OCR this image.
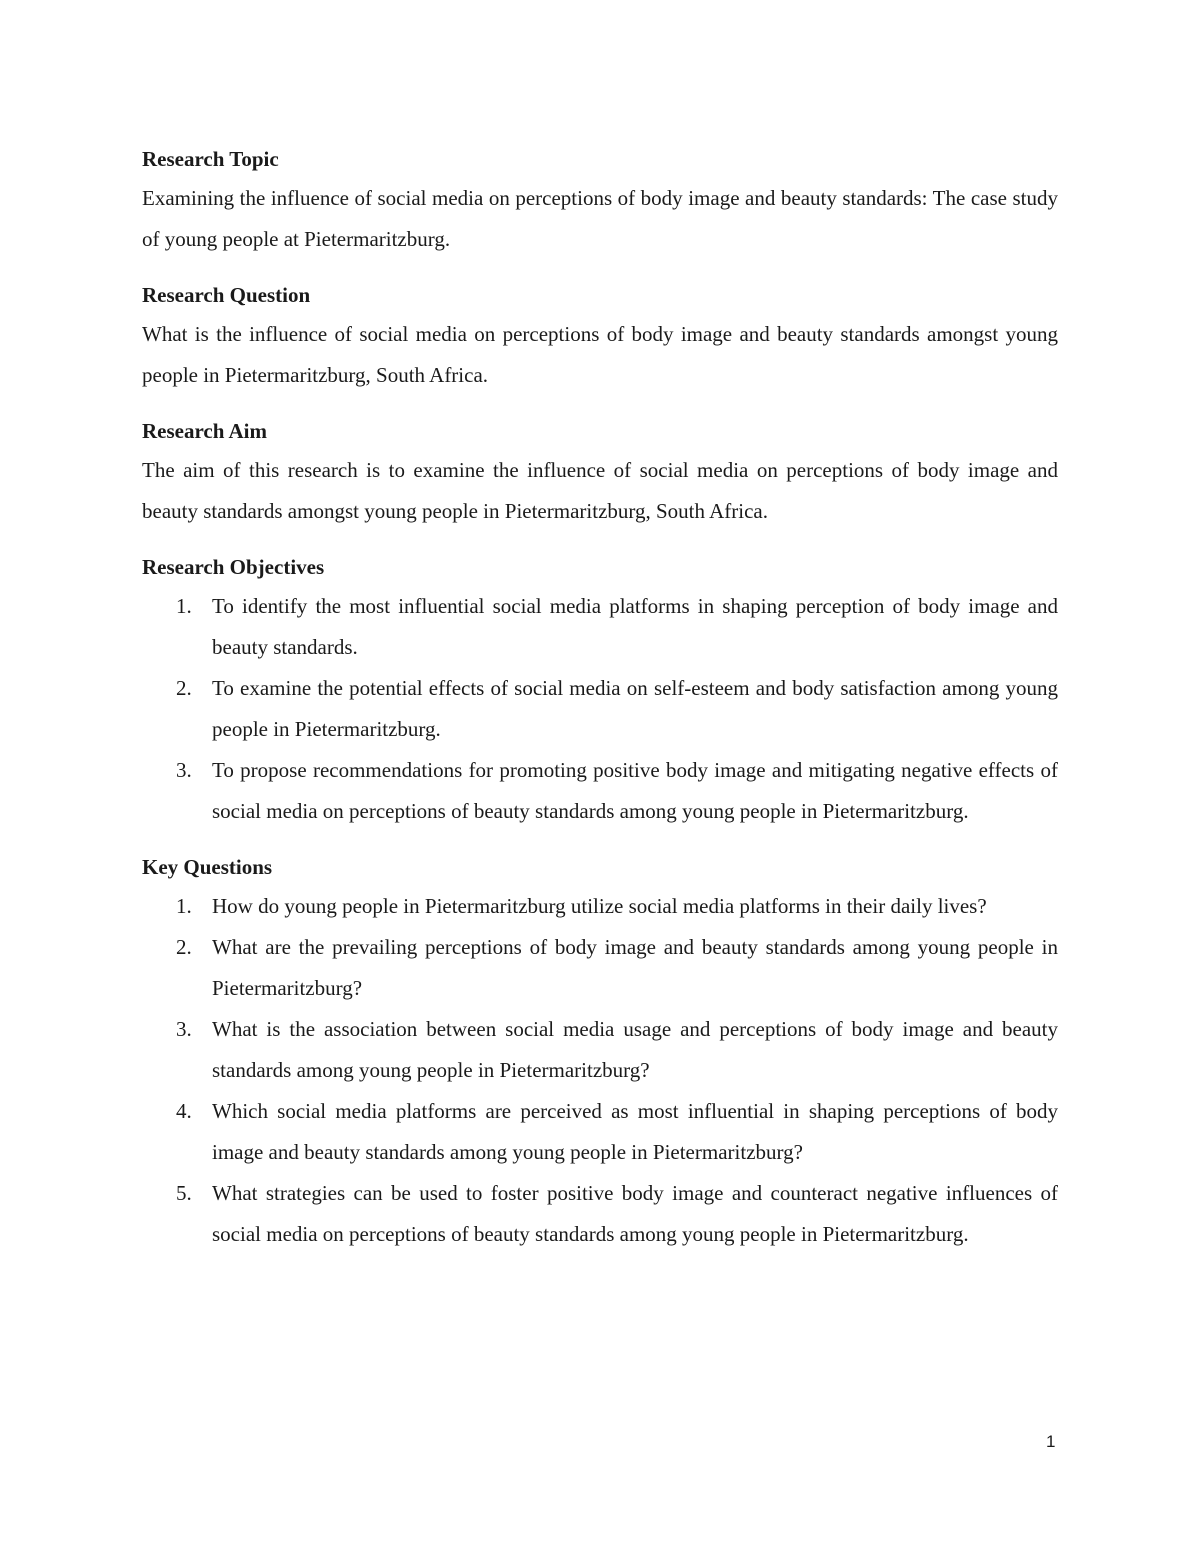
Research Topic

Examining the influence of social media on perceptions of body image and beauty standards: The case study of young people at Pietermaritzburg.

Research Question

What is the influence of social media on perceptions of body image and beauty standards amongst young people in Pietermaritzburg, South Africa.

Research Aim

The aim of this research is to examine the influence of social media on perceptions of body image and beauty standards amongst young people in Pietermaritzburg, South Africa.

Research Objectives

1. To identify the most influential social media platforms in shaping perception of body image and beauty standards.
2. To examine the potential effects of social media on self-esteem and body satisfaction among young people in Pietermaritzburg.
3. To propose recommendations for promoting positive body image and mitigating negative effects of social media on perceptions of beauty standards among young people in Pietermaritzburg.

Key Questions

1. How do young people in Pietermaritzburg utilize social media platforms in their daily lives?
2. What are the prevailing perceptions of body image and beauty standards among young people in Pietermaritzburg?
3. What is the association between social media usage and perceptions of body image and beauty standards among young people in Pietermaritzburg?
4. Which social media platforms are perceived as most influential in shaping perceptions of body image and beauty standards among young people in Pietermaritzburg?
5. What strategies can be used to foster positive body image and counteract negative influences of social media on perceptions of beauty standards among young people in Pietermaritzburg.
1
